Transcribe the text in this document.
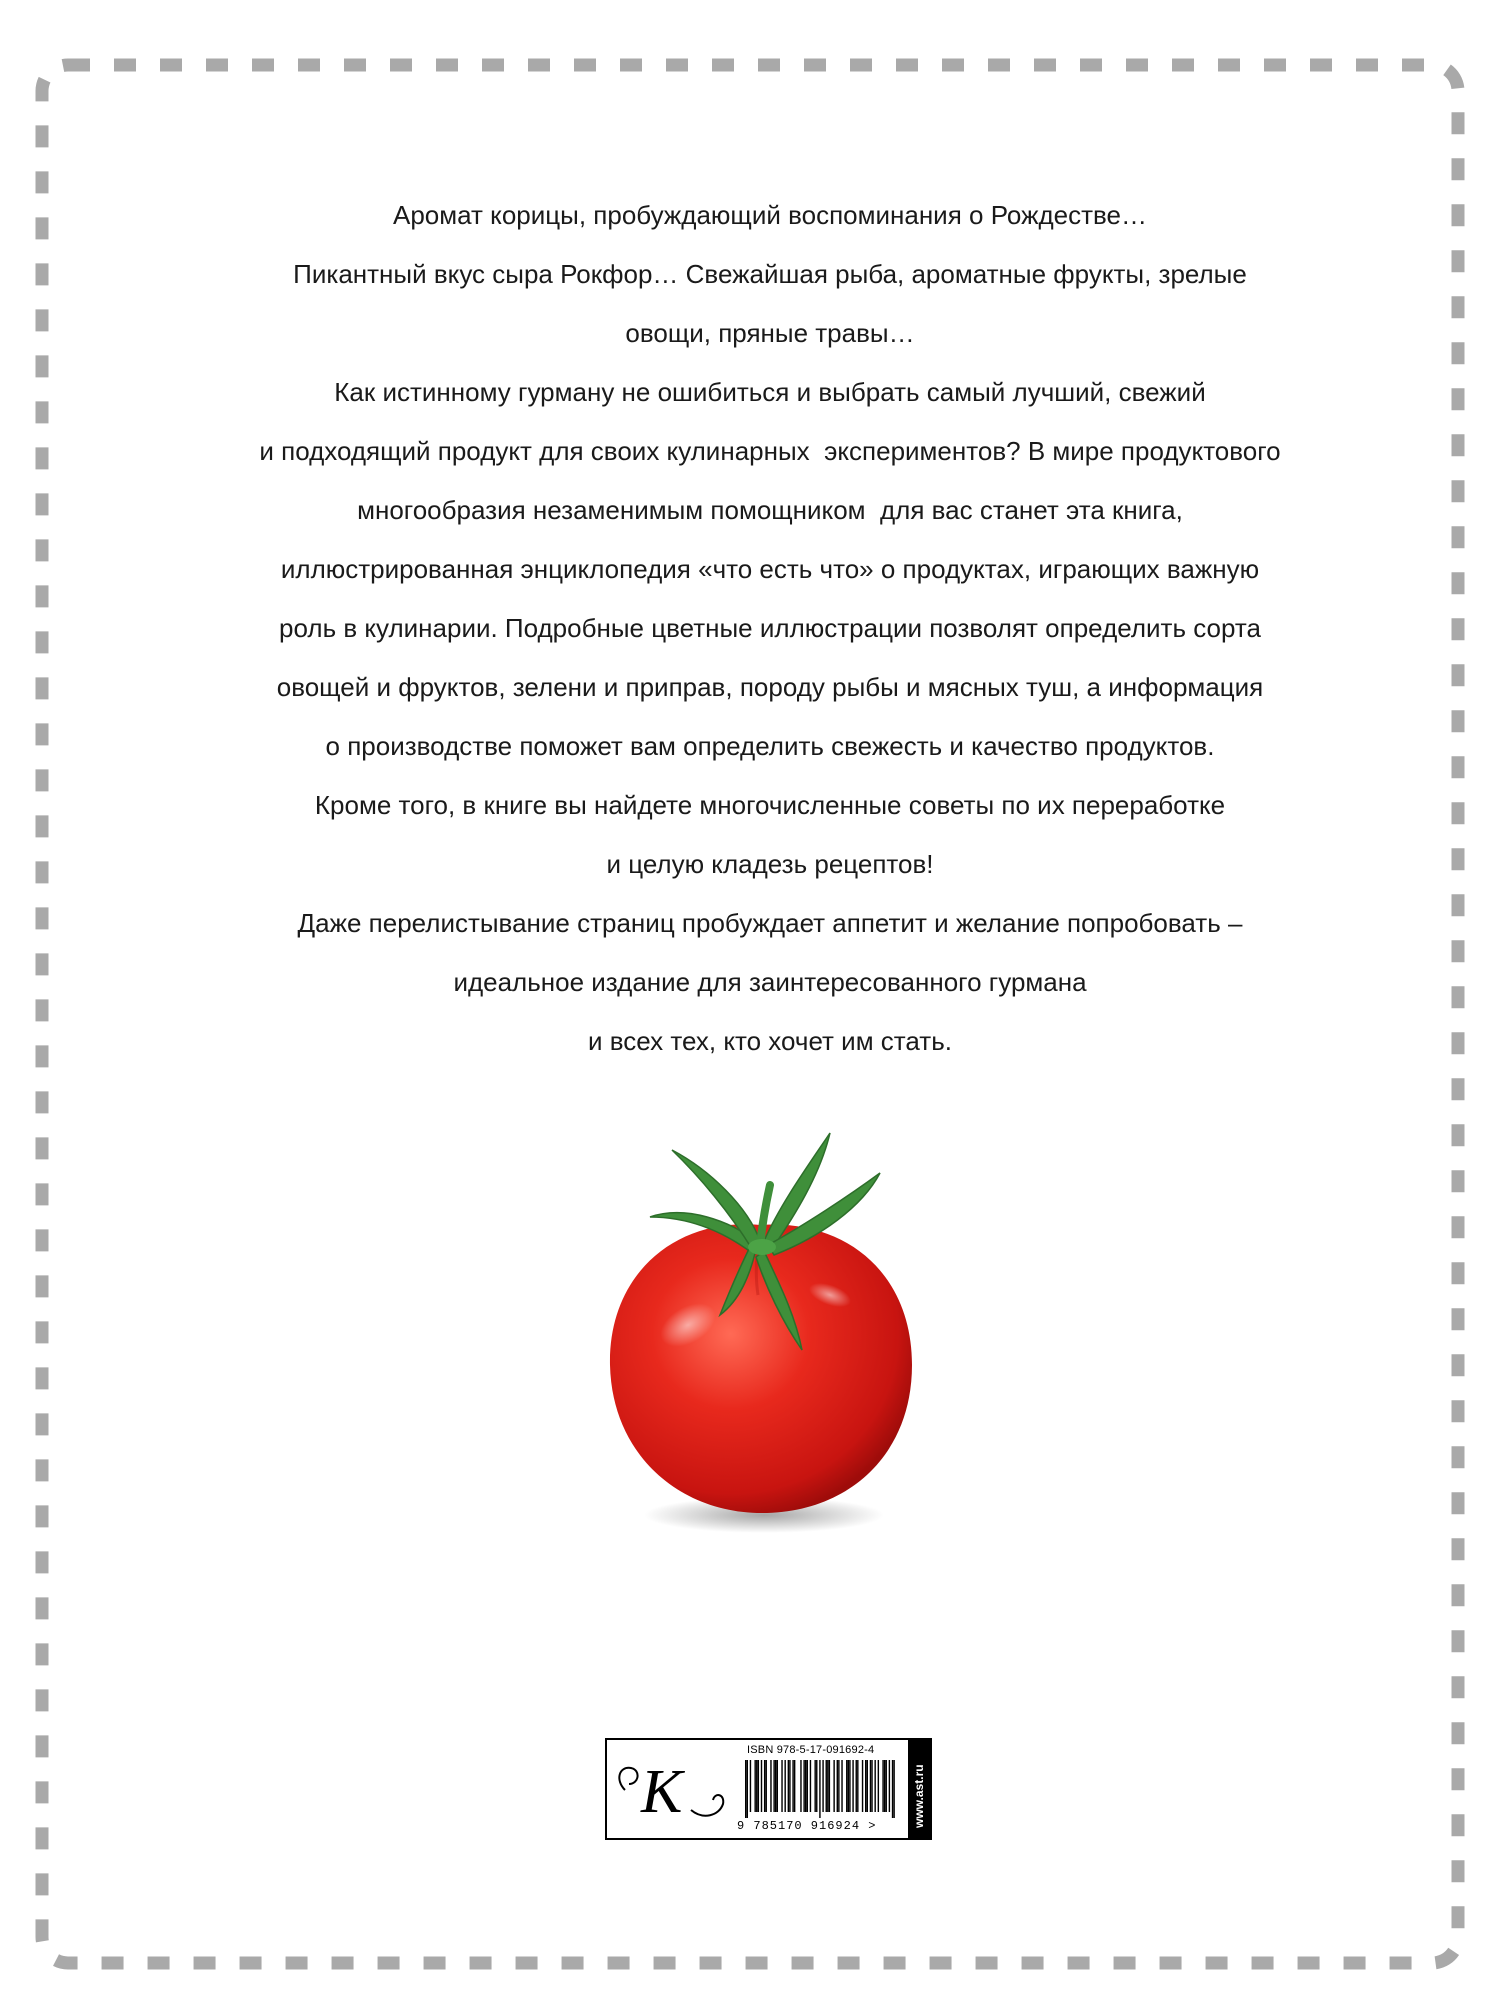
Аромат корицы, пробуждающий воспоминания о Рождестве…
Пикантный вкус сыра Рокфор… Свежайшая рыба, ароматные фрукты, зрелые
овощи, пряные травы…
Как истинному гурману не ошибиться и выбрать самый лучший, свежий
и подходящий продукт для своих кулинарных  экспериментов? В мире продуктового
многообразия незаменимым помощником  для вас станет эта книга,
иллюстрированная энциклопедия «что есть что» о продуктах, играющих важную
роль в кулинарии. Подробные цветные иллюстрации позволят определить сорта
овощей и фруктов, зелени и приправ, породу рыбы и мясных туш, а информация
о производстве поможет вам определить свежесть и качество продуктов.
Кроме того, в книге вы найдете многочисленные советы по их переработке
и целую кладезь рецептов!
Даже перелистывание страниц пробуждает аппетит и желание попробовать –
идеальное издание для заинтересованного гурмана
и всех тех, кто хочет им стать.
K
ISBN 978-5-17-091692-4
9 785170 916924 >	www.ast.ru
